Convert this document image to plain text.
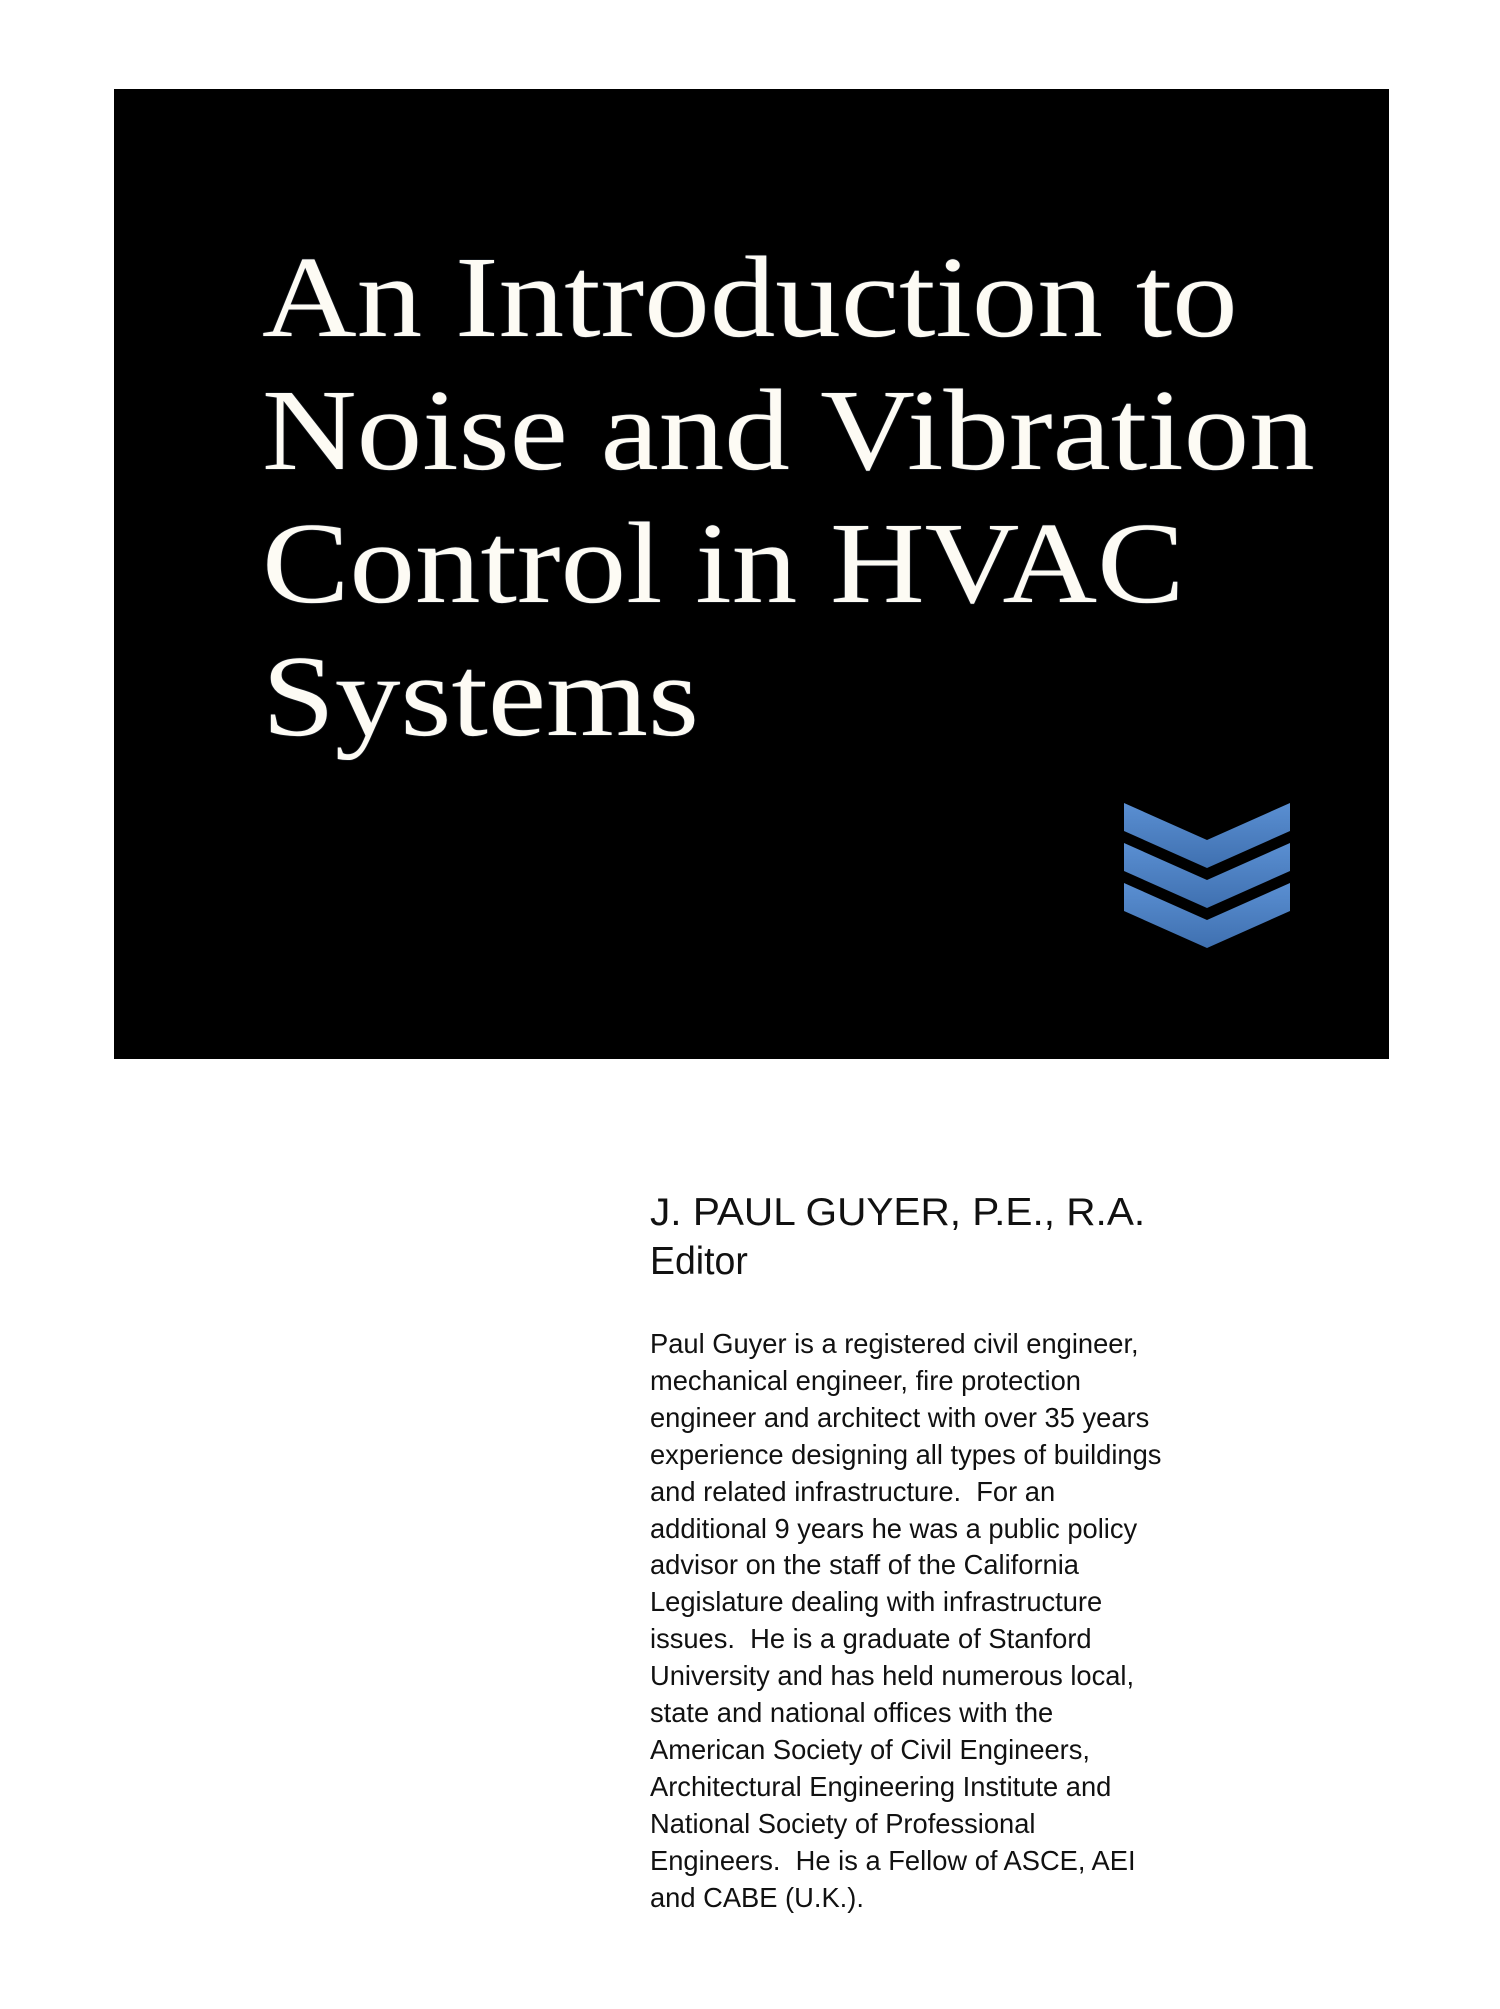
An Introduction to
Noise and Vibration
Control in HVAC
Systems
J. PAUL GUYER, P.E., R.A.
Editor
Paul Guyer is a registered civil engineer,
mechanical engineer, fire protection
engineer and architect with over 35 years
experience designing all types of buildings
and related infrastructure.  For an
additional 9 years he was a public policy
advisor on the staff of the California
Legislature dealing with infrastructure
issues.  He is a graduate of Stanford
University and has held numerous local,
state and national offices with the
American Society of Civil Engineers,
Architectural Engineering Institute and
National Society of Professional
Engineers.  He is a Fellow of ASCE, AEI
and CABE (U.K.).
